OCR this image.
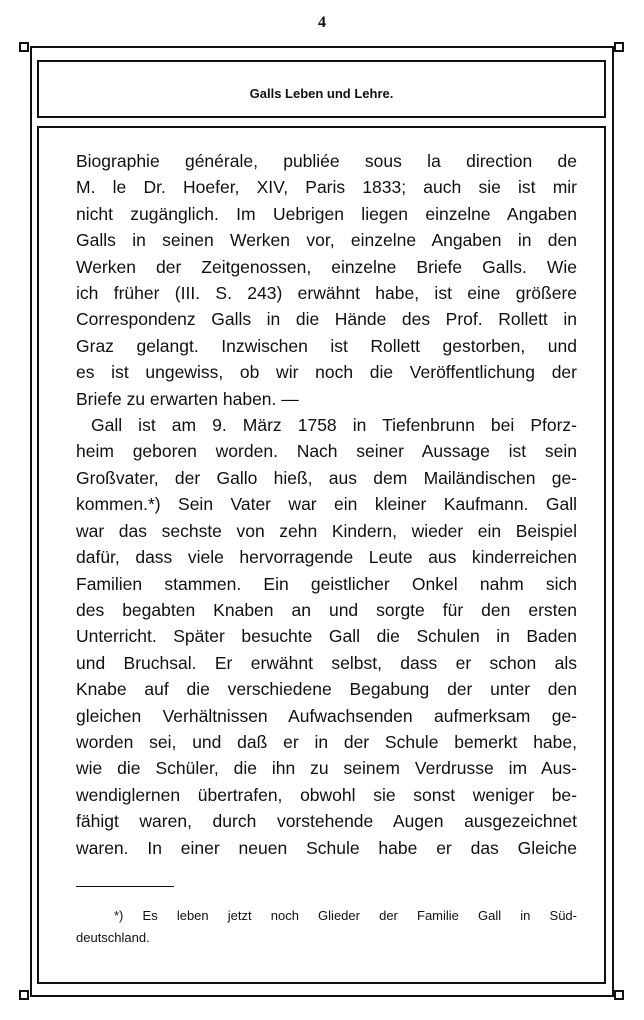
4
Galls Leben und Lehre.
Biographie générale, publiée sous la direction de
M. le Dr. Hoefer, XIV, Paris 1833; auch sie ist mir
nicht zugänglich. Im Uebrigen liegen einzelne Angaben
Galls in seinen Werken vor, einzelne Angaben in den
Werken der Zeitgenossen, einzelne Briefe Galls. Wie
ich früher (III. S. 243) erwähnt habe, ist eine größere
Correspondenz Galls in die Hände des Prof. Rollett in
Graz gelangt. Inzwischen ist Rollett gestorben, und
es ist ungewiss, ob wir noch die Veröffentlichung der
Briefe zu erwarten haben. —
Gall ist am 9. März 1758 in Tiefenbrunn bei Pforz-
heim geboren worden. Nach seiner Aussage ist sein
Großvater, der Gallo hieß, aus dem Mailändischen ge-
kommen.*) Sein Vater war ein kleiner Kaufmann. Gall
war das sechste von zehn Kindern, wieder ein Beispiel
dafür, dass viele hervorragende Leute aus kinderreichen
Familien stammen. Ein geistlicher Onkel nahm sich
des begabten Knaben an und sorgte für den ersten
Unterricht. Später besuchte Gall die Schulen in Baden
und Bruchsal. Er erwähnt selbst, dass er schon als
Knabe auf die verschiedene Begabung der unter den
gleichen Verhältnissen Aufwachsenden aufmerksam ge-
worden sei, und daß er in der Schule bemerkt habe,
wie die Schüler, die ihn zu seinem Verdrusse im Aus-
wendiglernen übertrafen, obwohl sie sonst weniger be-
fähigt waren, durch vorstehende Augen ausgezeichnet
waren. In einer neuen Schule habe er das Gleiche
*) Es leben jetzt noch Glieder der Familie Gall in Süd-
deutschland.
